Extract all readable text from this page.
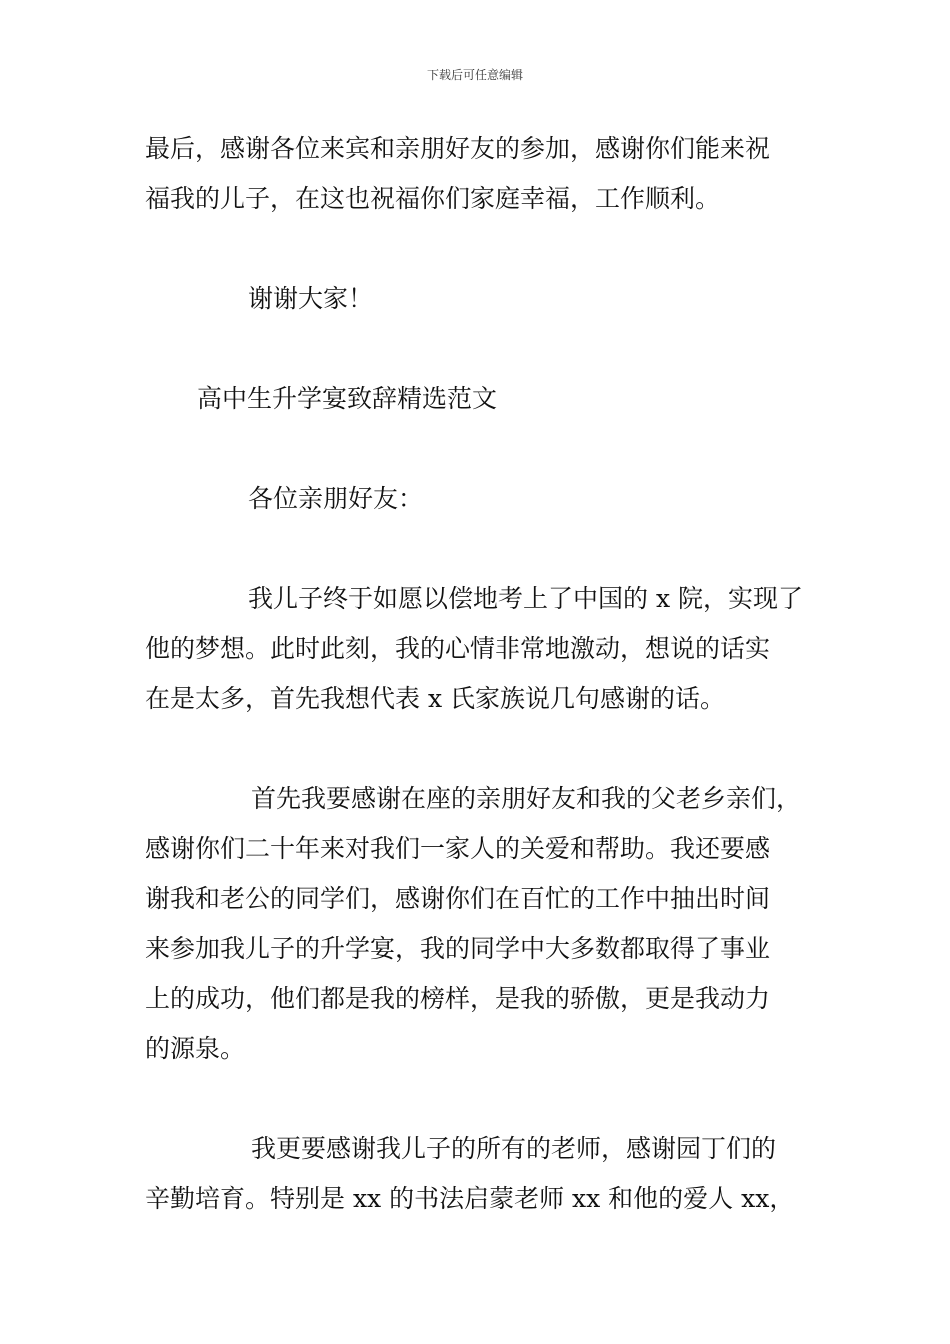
下载后可任意编辑
最后，感谢各位来宾和亲朋好友的参加，感谢你们能来祝
福我的儿子，在这也祝福你们家庭幸福，工作顺利。
谢谢大家！
高中生升学宴致辞精选范文
各位亲朋好友：
我儿子终于如愿以偿地考上了中国的 x 院，实现了
他的梦想。此时此刻，我的心情非常地激动，想说的话实
在是太多，首先我想代表 x 氏家族说几句感谢的话。
首先我要感谢在座的亲朋好友和我的父老乡亲们，
感谢你们二十年来对我们一家人的关爱和帮助。我还要感
谢我和老公的同学们，感谢你们在百忙的工作中抽出时间
来参加我儿子的升学宴，我的同学中大多数都取得了事业
上的成功，他们都是我的榜样，是我的骄傲，更是我动力
的源泉。
我更要感谢我儿子的所有的老师，感谢园丁们的
辛勤培育。特别是 xx 的书法启蒙老师 xx 和他的爱人 xx，
